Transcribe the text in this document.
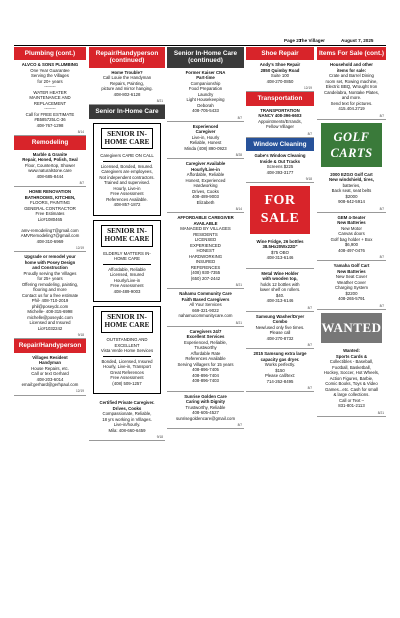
Page 23
The Villager	August 7, 2025
Plumbing (cont.)

ALVCO & SONS PLUMBING

One Year Guarantee

Serving the Villages

for 20+ years

--------

WATER HEATER

MAINTENANCE AND

REPLACEMENT

--------

Call for FREE ESTIMATE

#B585725LC-36

408-767-1298

8/14
Remodeling

Marble & Granite

Repair, Honed, Polish, Seal

Floor, Countertop, Shower

www.naturalstone.care

408-685-8444

8/7

HOME RENOVATION

BATHROOMS, KITCHEN,

FLOORS, PAINTING

GENERAL CONTRACTOR

Free Estimates

Lic#1080465

amv-remodeling7@gmail.com

AMVRemodeling7@gmail.com

408-310-6969

12/19

Upgrade or remodel your

home with Posey Design

and Construction

Proudly serving the Villages

for 25+ years

Offering remodeling, painting,

flooring and more

Contact us for a free estimate

Phil- 408-710-2019

phil@poseydc.com

Michelle- 408-315-6998

michelle@poseydc.com

Licensed and Insured

Lic#1032242

9/18
Repair/Handyperson

Villages Resident

Handyman

House Repairs, etc.

Call or text Gerhard

408-203-6014

email:gerhard@gerhpaul.com

12/19
Repair/Handyperson (continued)

Home Trouble?

Call Louie the Handyman

Repairs, Painting,

picture and mirror hanging.

408-802-6128

8/21
Senior In-Home Care
SENIOR IN-HOME CARE

Caregivers CARE ON CALL

Licensed, Bonded, Insured.

Caregivers are employees,

Not independent contractors.

Trained and supervised.

Hourly, Live-in

Free Assessment

References Available.

408-857-1872

SENIOR IN-HOME CARE

ELDERLY MATTERS IN-HOME CARE

Affordable, Reliable

Licensed, Insured

Hourly/Live-in

Free Assessment

408-489-9003

SENIOR IN-HOME CARE

OUTSTANDING AND EXCELLENT

Vista Verde Home Services

Bonded, Licensed, Insured

Hourly, Live-in, Transport

Great References

Free Assessment

(408) 509-1257

Certified Private Caregiver.

Drives, Cooks

Compassionate, Reliable,

18 yrs working in Villages.

Live-in/hourly.

Mila: 408-660-6459

9/18
Senior In-Home Care (continued)

Former Kaiser CNA

Part-time

Companionship

Food Preparation

Laundry

Light Housekeeping

Deborah

408-705-5433

8/7

Experienced

Caregiver

Live-in, Hourly

Reliable, Honest

Minda (408) 890-0923

8/28

Caregiver Available

Hourly/Live-in

Affordable, Reliable

Honest, Experienced

Hardworking

Drives, Cooks

408-489-9003

Elizabeth

8/14

AFFORDABLE CAREGIVER

AVAILABLE

MANAGED BY VILLAGES

RESIDENTS

LICENSED

EXPERIENCED

HONEST

HARDWORKING

INSURED

REFERENCES

(408) 930-7355

(650) 207-2442

8/21

Nahamu Community Care

Faith Based Caregivers

All Your Services

669-321-9022

nahamucommunitycare.com

8/21

Caregivers 24/7

Excellent Services

Experienced, Reliable,

Trustworthy

Affordable Rate

References Available

Serving Villagers for 15 years

408-896-7405

408-896-7404

408-896-7403

Sunrise Golden Care

Caring with Dignity

Trustworthy, Reliable

408-605-4527

sunrisegoldencare@gmail.com

8/7
Shoe Repair

Andy's Shoe Repair

2850 Quimby Road

Suite 100

408-270-0850

12/19
Transportation

TRANSPORTATION

NANCY 408-396-6603

Appointments/Errands,

Fellow Villager

8/7
Window Cleaning

Gabe's Window Cleaning

Inside & Out Tracks

Screens $225

408-393-3177

9/18
FOR SALE

Wine Fridge, 26 bottles

38.5Hx20Wx22D"

$75 OBO

408-313-6146

Metal Wine Holder

with wooden top,

holds 12 bottles with

lower shelf on rollers.

$40.

408-313-6146

8/7

Samsung Washer/Dryer

Combo

New/used only five times.

Please call

408-270-8732

8/7

2015 Samsung extra large

capacity gas dryer.

Works perfectly.

$150

Please call/text:

714-262-8495

8/7
Items For Sale (cont.)

Household and other

items for sale:

Crate and Barrel Dining

room set, Rowing machine,

Electric BBQ, Wrought Iron

Candelabra, Nontake Plates,

and more.

Send text for pictures.

415.404.2719

8/7
GOLF CARTS

2000 EZGO Golf Cart

New windshield, tires,

batteries,

Back seat, seat belts

$2000

908-642-5914

8/7

GEM 4-Seater

New Batteries

New Motor

Canvas doors

Golf bag holder + Box

$6,900

408-497-0476

8/7

Yamaha Golf Cart

New Batteries

New Seat Cover

Weather Cover

Charging System

$2200

408-265-5791

8/7
WANTED

Wanted:

Sports Cards &

Collectibles - Baseball,

Football, Basketball,

Hockey, Soccer, Hot Wheels,

Action Figures, Barbie,

Comic Books, Toys & Video

Games...etc. Cash for small

& large collections.

Call or Text –

831-801-2113

8/21
